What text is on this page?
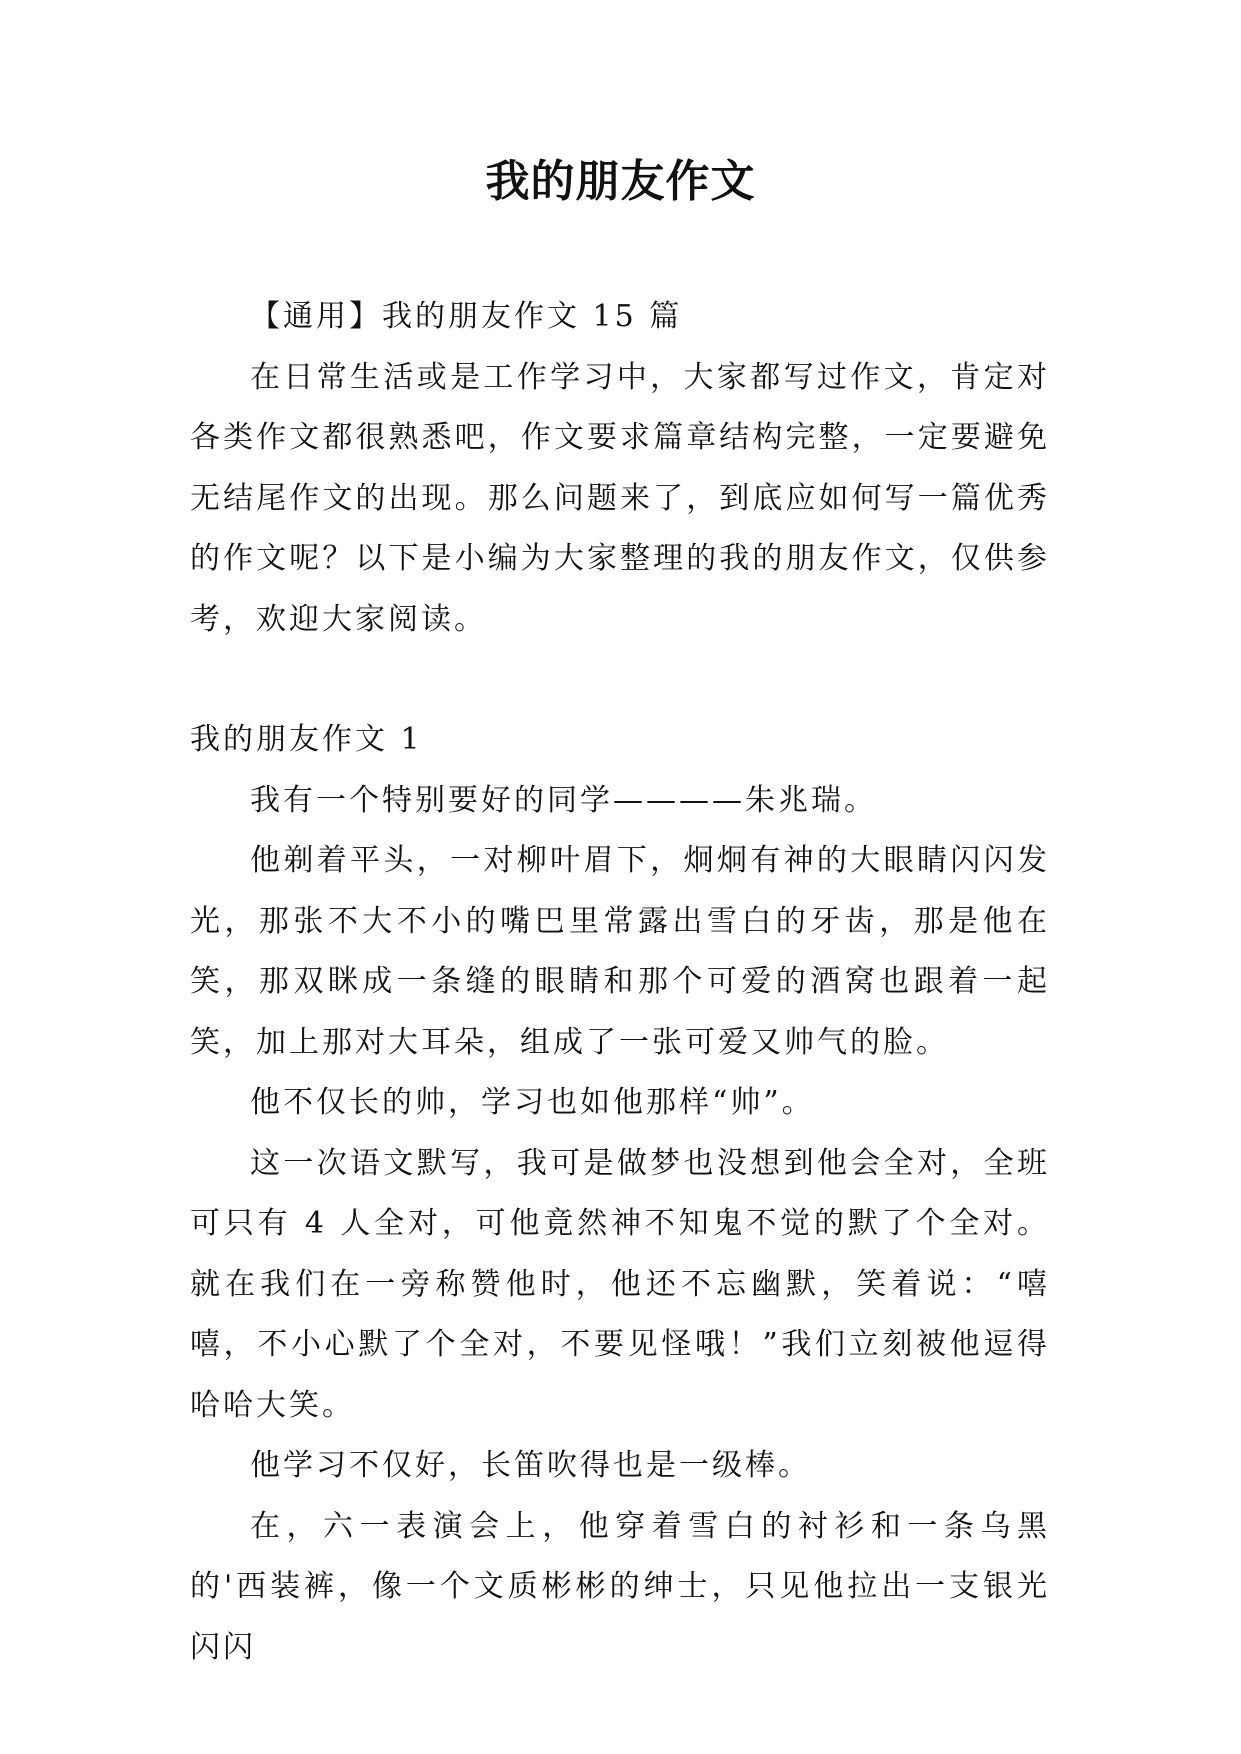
我的朋友作文

【通用】我的朋友作文 15 篇

在日常生活或是工作学习中，大家都写过作文，肯定对各类作文都很熟悉吧，作文要求篇章结构完整，一定要避免无结尾作文的出现。那么问题来了，到底应如何写一篇优秀的作文呢？以下是小编为大家整理的我的朋友作文，仅供参考，欢迎大家阅读。

我的朋友作文 1

我有一个特别要好的同学————朱兆瑞。

他剃着平头，一对柳叶眉下，炯炯有神的大眼睛闪闪发光，那张不大不小的嘴巴里常露出雪白的牙齿，那是他在笑，那双眯成一条缝的眼睛和那个可爱的酒窝也跟着一起笑，加上那对大耳朵，组成了一张可爱又帅气的脸。

他不仅长的帅，学习也如他那样“帅”。

这一次语文默写，我可是做梦也没想到他会全对，全班可只有 4 人全对，可他竟然神不知鬼不觉的默了个全对。就在我们在一旁称赞他时，他还不忘幽默，笑着说：“嘻嘻，不小心默了个全对，不要见怪哦！”我们立刻被他逗得哈哈大笑。

他学习不仅好，长笛吹得也是一级棒。

在，六一表演会上，他穿着雪白的衬衫和一条乌黑的'西装裤，像一个文质彬彬的绅士，只见他拉出一支银光闪闪
